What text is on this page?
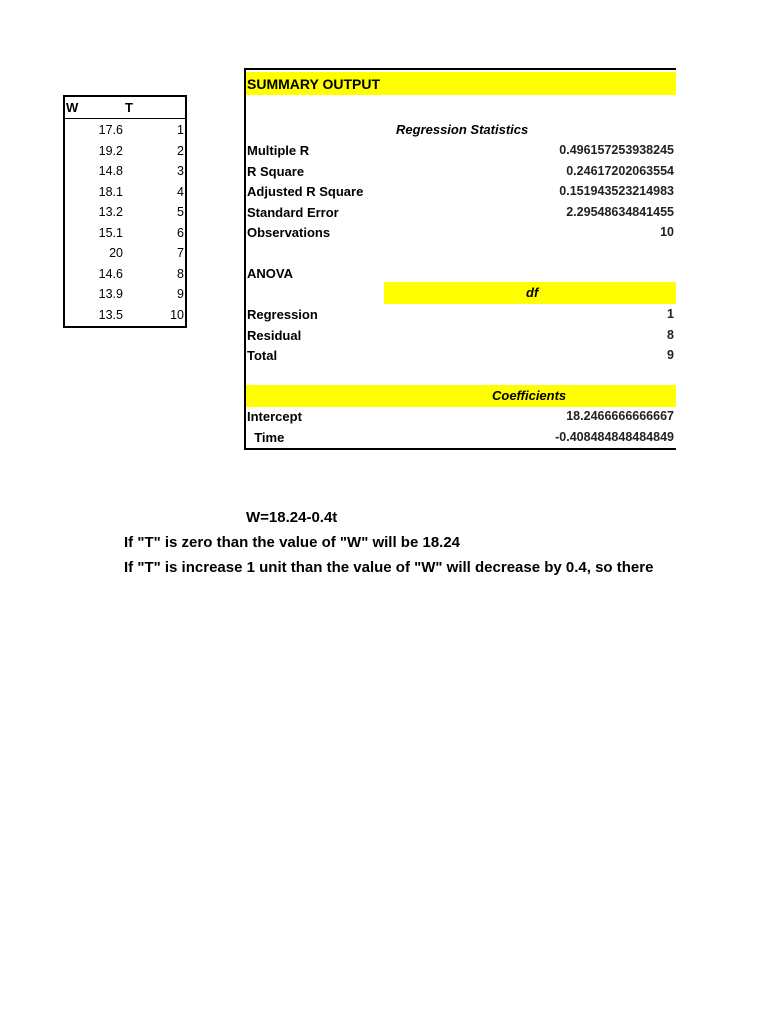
W	T
17.6	1
19.2	2
14.8	3
18.1	4
13.2	5
15.1	6
20	7
14.6	8
13.9	9
13.5	10
SUMMARY OUTPUT
Regression Statistics
Multiple R	0.496157253938245
R Square	0.24617202063554
Adjusted R Square	0.151943523214983
Standard Error	2.29548634841455
Observations	10
ANOVA
df
Regression	1
Residual	8
Total	9
Coefficients
Intercept	18.2466666666667
Time	-0.408484848484849
W=18.24-0.4t
If "T" is zero than the value of "W" will be 18.24
If "T" is increase 1 unit than the value of "W" will decrease by 0.4, so there
